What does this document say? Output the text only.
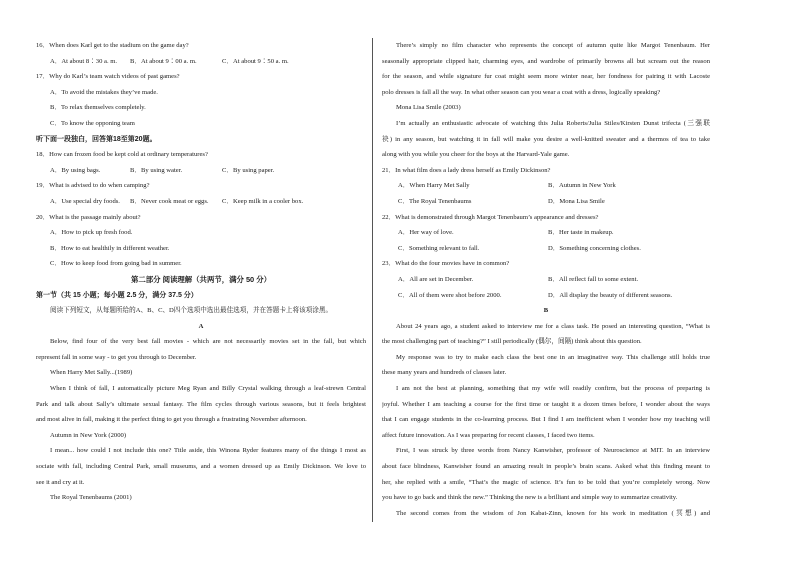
16．When does Karl get to the stadium on the game day?
A．At about 8∶30 a. m. B．At about 9∶00 a. m.	C．At about 9∶50 a. m.
17．Why do Karl’s team watch videos of past games?
A．To avoid the mistakes they’ve made.
B．To relax themselves completely.
C．To know the opponing team
听下面一段独白，回答第18至第20题。
18．How can frozen food be kept cold at ordinary temperatures?
A．By using bags.	B．By using water.	C．By using paper.
19．What is advised to do when camping?
A．Use special dry foods. B．Never cook meat or eggs. C．Keep milk in a cooler box.
20．What is the passage mainly about?
A．How to pick up fresh food.
B．How to eat healthily in different weather.
C．How to keep food from going bad in summer.
第二部分 阅读理解（共两节，满分 50 分）
第一节（共 15 小题；每小题 2.5 分，满分 37.5 分）
阅读下列短文，从每题所给的A、B、C、D四个选项中选出最佳选项，并在答题卡上将该项涂黑。
A
Below, find four of the very best fall movies - which are not necessarily movies set in the fall, but which
represent fall in some way - to get you through to December.
When Harry Met Sally...(1989)
When I think of fall, I automatically picture Meg Ryan and Billy Crystal walking through a leaf-strewn Central
Park and talk about Sally’s ultimate sexual fantasy. The film cycles through various seasons, but it feels brightest
and most alive in fall, making it the perfect thing to get you through a frustrating November afternoon.
Autumn in New York (2000)
I mean... how could I not include this one? Title aside, this Winona Ryder features many of the things I most as
sociate with fall, including Central Park, small museums, and a women dressed up as Emily Dickinson. We love to
see it and cry at it.
The Royal Tenenbaums (2001)
There’s simply no film character who represents the concept of autumn quite like Margot Tenenbaum. Her
seasonally appropriate clipped hair, charming eyes, and wardrobe of primarily browns all but scream out the reason
for the season, and while signature fur coat might seem more winter near, her fondness for pairing it with Lacoste
polo dresses is fall all the way. In what other season can you wear a coat with a dress, logically speaking?
Mona Lisa Smile (2003)
I’m actually an enthusiastic advocate of watching this Julia Roberts/Julia Stiles/Kirsten Dunst trifecta (三强联
袂) in any season, but watching it in fall will make you desire a well-knitted sweater and a thermos of tea to take
along with you while you cheer for the boys at the Harvard-Yale game.
21．In what film does a lady dress herself as Emily Dickinson?
A．When Harry Met Sally	B．Autumn in New York
C．The Royal Tenenbaums	D．Mona Lisa Smile
22．What is demonstrated through Margot Tenenbaum’s appearance and dresses?
A．Her way of love.	B．Her taste in makeup.
C．Something relevant to fall.	D．Something concerning clothes.
23．What do the four movies have in common?
A．All are set in December.	B．All reflect fall to some extent.
C．All of them were shot before 2000.	D．All display the beauty of different seasons.
B
About 24 years ago, a student asked to interview me for a class task. He posed an interesting question, “What is
the most challenging part of teaching?” I still periodically (偶尔，间隔) think about this question.
My response was to try to make each class the best one in an imaginative way. This challenge still holds true
these many years and hundreds of classes later.
I am not the best at planning, something that my wife will readily confirm, but the process of preparing is
joyful. Whether I am teaching a course for the first time or taught it a dozen times before, I wonder about the ways
that I can engage students in the co-learning process. But I find I am inefficient when I wonder how my teaching will
affect future innovation. As I was preparing for recent classes, I faced two items.
First, I was struck by three words from Nancy Kanwisher, professor of Neuroscience at MIT. In an interview
about face blindness, Kanwisher found an amazing result in people’s brain scans. Asked what this finding meant to
her, she replied with a smile, “That’s the magic of science. It’s fun to be told that you’re completely wrong. Now
you have to go back and think the new.” Thinking the new is a brilliant and simple way to summarize creativity.
The second comes from the wisdom of Jon Kabat-Zinn, known for his work in meditation (冥想) and
